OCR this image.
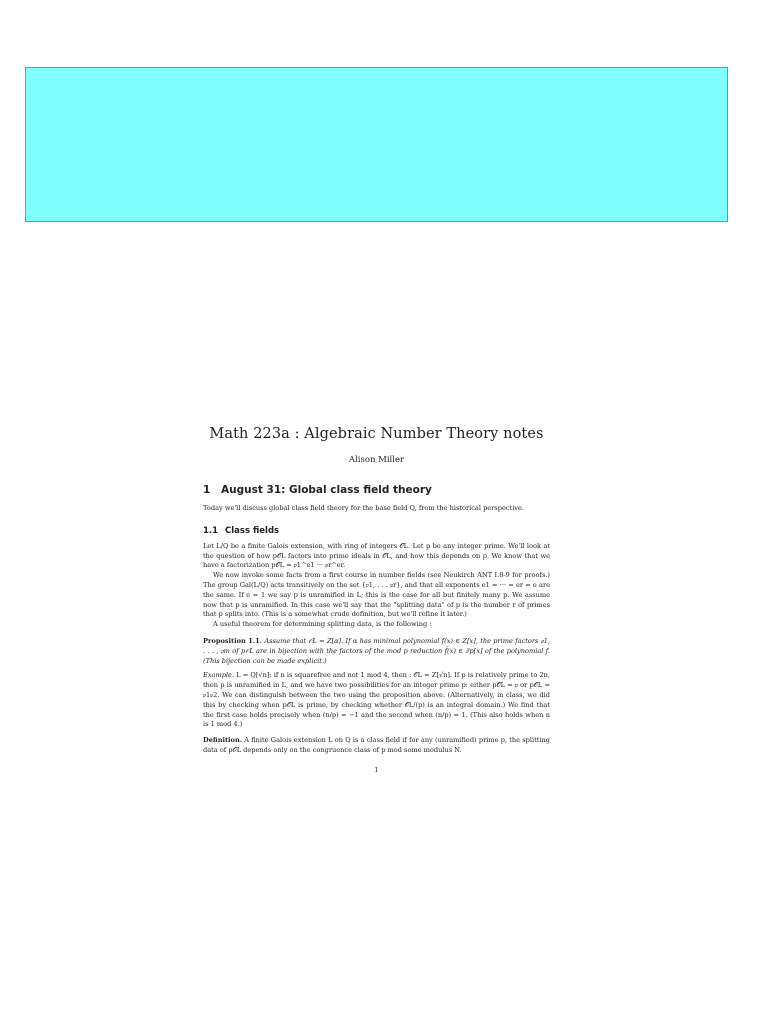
Math 223a : Algebraic Number Theory notes
Alison Miller
1	August 31: Global class field theory

Today we'll discuss global class field theory for the base field Q, from the historical perspective.

1.1 Class fields

Let L/Q be a finite Galois extension, with ring of integers 𝒪L. Let p be any integer prime. We'll look at the question of how p𝒪L factors into prime ideals in 𝒪L, and how this depends on p. We know that we have a factorization p𝒪L = 𝔭1^e1 ··· 𝔭r^er.

We now invoke some facts from a first course in number fields (see Neukirch ANT I.8-9 for proofs.) The group Gal(L/Q) acts transitively on the set {𝔭1, . . . 𝔭r}, and that all exponents e1 = ··· = er = e are the same. If e = 1 we say p is unramified in L; this is the case for all but finitely many p. We assume now that p is unramified. In this case we'll say that the "splitting data" of p is the number r of primes that p splits into. (This is a somewhat crude definition, but we'll refine it later.)

A useful theorem for determining splitting data, is the following :

Proposition 1.1. Assume that 𝒪L = Z[α]. If α has minimal polynomial f(x) ∈ Z[x], the prime factors 𝔭1, . . . , 𝔭m of p𝒪L are in bijection with the factors of the mod p reduction f̄(x) ∈ 𝔽p[x] of the polynomial f. (This bijection can be made explicit.)

Example. L = Q[√n]; if n is squarefree and not 1 mod 4, then : 𝒪L = Z[√n]. If p is relatively prime to 2n, then p is unramified in L, and we have two possibilities for an integer prime p: either p𝒪L = 𝔭 or p𝒪L = 𝔭1𝔭2. We can distinguish between the two using the proposition above. (Alternatively, in class, we did this by checking when p𝒪L is prime, by checking whether 𝒪L/(p) is an integral domain.) We find that the first case holds precisely when (n/p) = −1 and the second when (n/p) = 1. (This also holds when n is 1 mod 4.)

Definition. A finite Galois extension L on Q is a class field if for any (unramified) prime p, the splitting data of p𝒪L depends only on the congruence class of p mod some modulus N.

1
